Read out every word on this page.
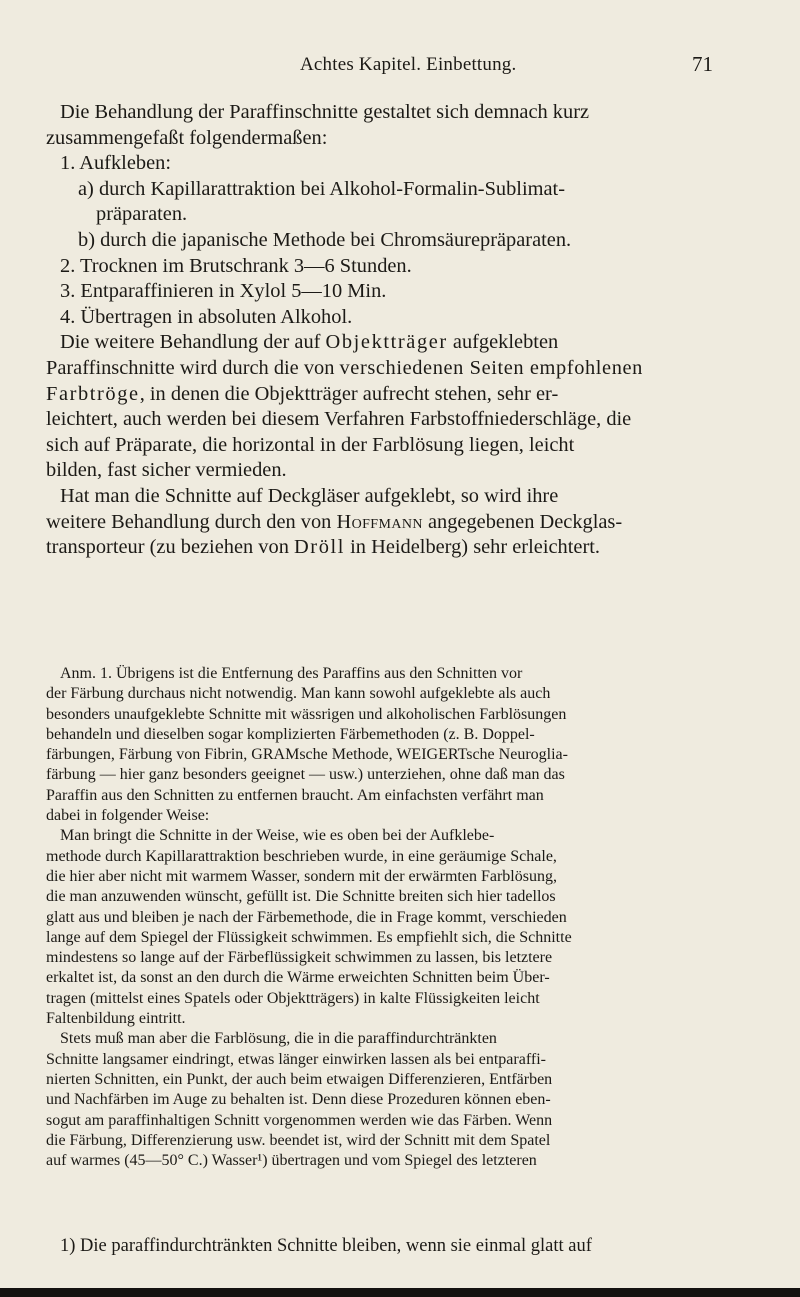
Achtes Kapitel. Einbettung.	71
Die Behandlung der Paraffinschnitte gestaltet sich demnach kurz
zusammengefaßt folgendermaßen:
1. Aufkleben:
a) durch Kapillarattraktion bei Alkohol-Formalin-Sublimat-
präparaten.
b) durch die japanische Methode bei Chromsäurepräparaten.
2. Trocknen im Brutschrank 3—6 Stunden.
3. Entparaffinieren in Xylol 5—10 Min.
4. Übertragen in absoluten Alkohol.
Die weitere Behandlung der auf Objektträger aufgeklebten
Paraffinschnitte wird durch die von verschiedenen Seiten empfohlenen
Farbtröge, in denen die Objektträger aufrecht stehen, sehr er-
leichtert, auch werden bei diesem Verfahren Farbstoffniederschläge, die
sich auf Präparate, die horizontal in der Farblösung liegen, leicht
bilden, fast sicher vermieden.
Hat man die Schnitte auf Deckgläser aufgeklebt, so wird ihre
weitere Behandlung durch den von Hoffmann angegebenen Deckglas-
transporteur (zu beziehen von Dröll in Heidelberg) sehr erleichtert.
Anm. 1. Übrigens ist die Entfernung des Paraffins aus den Schnitten vor
der Färbung durchaus nicht notwendig. Man kann sowohl aufgeklebte als auch
besonders unaufgeklebte Schnitte mit wässrigen und alkoholischen Farblösungen
behandeln und dieselben sogar komplizierten Färbemethoden (z. B. Doppel-
färbungen, Färbung von Fibrin, GRAMsche Methode, WEIGERTsche Neuroglia-
färbung — hier ganz besonders geeignet — usw.) unterziehen, ohne daß man das
Paraffin aus den Schnitten zu entfernen braucht. Am einfachsten verfährt man
dabei in folgender Weise:
Man bringt die Schnitte in der Weise, wie es oben bei der Aufklebe-
methode durch Kapillarattraktion beschrieben wurde, in eine geräumige Schale,
die hier aber nicht mit warmem Wasser, sondern mit der erwärmten Farblösung,
die man anzuwenden wünscht, gefüllt ist. Die Schnitte breiten sich hier tadellos
glatt aus und bleiben je nach der Färbemethode, die in Frage kommt, verschieden
lange auf dem Spiegel der Flüssigkeit schwimmen. Es empfiehlt sich, die Schnitte
mindestens so lange auf der Färbeflüssigkeit schwimmen zu lassen, bis letztere
erkaltet ist, da sonst an den durch die Wärme erweichten Schnitten beim Über-
tragen (mittelst eines Spatels oder Objektträgers) in kalte Flüssigkeiten leicht
Faltenbildung eintritt.
Stets muß man aber die Farblösung, die in die paraffindurchtränkten
Schnitte langsamer eindringt, etwas länger einwirken lassen als bei entparaffi-
nierten Schnitten, ein Punkt, der auch beim etwaigen Differenzieren, Entfärben
und Nachfärben im Auge zu behalten ist. Denn diese Prozeduren können eben-
sogut am paraffinhaltigen Schnitt vorgenommen werden wie das Färben. Wenn
die Färbung, Differenzierung usw. beendet ist, wird der Schnitt mit dem Spatel
auf warmes (45—50° C.) Wasser¹) übertragen und vom Spiegel des letzteren
1) Die paraffindurchtränkten Schnitte bleiben, wenn sie einmal glatt auf
